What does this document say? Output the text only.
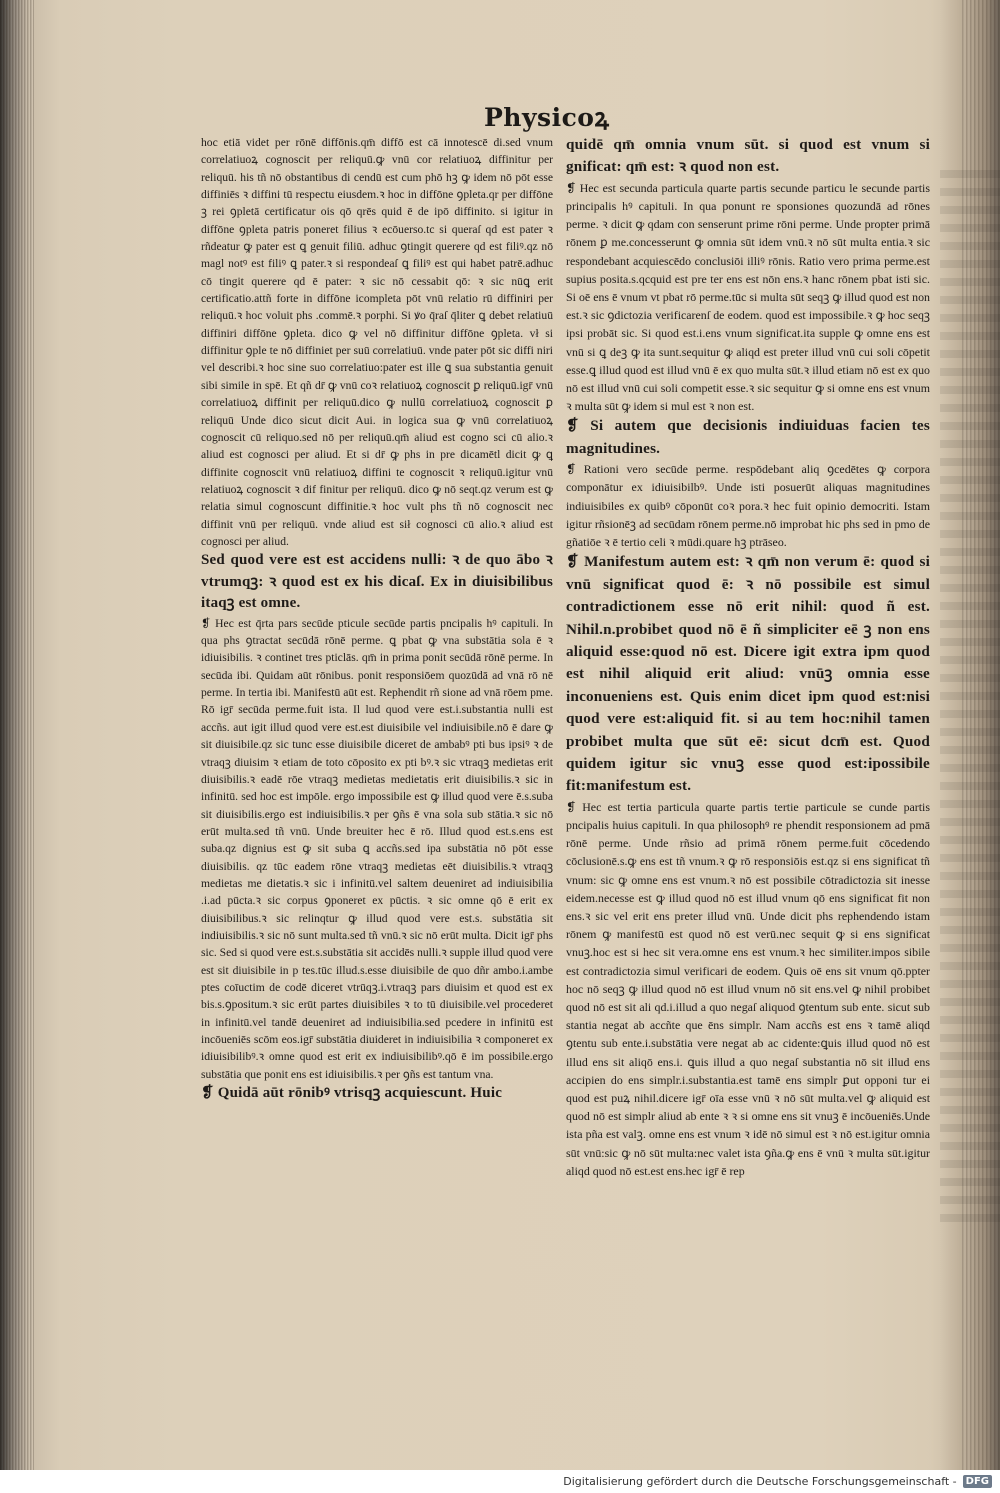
Physicoꝝ

hoc etiā videt per rōnē diffōnis.qm̄ diffō est cā innotescē di.sed vnum correlatiuoꝝ cognoscit per reliquū.ꝙ vnū cor relatiuoꝝ diffinitur per reliquū. his tñ nō obstantibus di cendū est cum phō hꝫ ꝙ idem nō pōt esse diffiniēs ꝛ diffini tū respectu eiusdem.ꝛ hoc in diffōne ꝯpleta.qr per diffōne ꝫ rei ꝯpletā certificatur ois qō qrēs quid ē de ipō diffinito. si igitur in diffōne ꝯpleta patris poneret filius ꝛ ecōuerso.tc si queraſ qd est pater ꝛ rñdeatur ꝙ pater est ꝗ genuit filiū. adhuc ꝯtingit querere qd est filiꝰ.qz nō magl notꝰ est filiꝰ ꝗ pater.ꝛ si respondeaſ ꝗ filiꝰ est qui habet patrē.adhuc cō tingit querere qd ē pater: ꝛ sic nō cessabit qō: ꝛ sic nūꝗ erit certificatio.attñ forte in diffōne icompleta pōt vnū relatio rū diffiniri per reliquū.ꝛ hoc voluit phs .commē.ꝛ porphi. Si ꝟo q̄raſ q̄liter ꝗ debet relatiuū diffiniri diffōne ꝯpleta. dico ꝙ vel nō diffinitur diffōne ꝯpleta. vł si diffinitur ꝯple te nō diffiniet per suū correlatiuū. vnde pater pōt sic diffi niri vel describi.ꝛ hoc sine suo correlatiuo:pater est ille ꝗ sua substantia genuit sibi simile in spē. Et qñ dr̄ ꝙ vnū coꝛ relatiuoꝝ cognoscit ꝑ reliquū.igr̄ vnū correlatiuoꝝ diffinit per reliquū.dico ꝙ nullū correlatiuoꝝ cognoscit ꝑ reliquū Unde dico sicut dicit Aui. in logica sua ꝙ vnū correlatiuoꝝ cognoscit cū reliquo.sed nō per reliquū.qm̄ aliud est cogno sci cū alio.ꝛ aliud est cognosci per aliud. Et si dr̄ ꝙ phs in pre dicamētl dicit ꝙ ꝗ diffinite cognoscit vnū relatiuoꝝ diffini te cognoscit ꝛ reliquū.igitur vnū relatiuoꝝ cognoscit ꝛ dif finitur per reliquū. dico ꝙ nō seqt.qz verum est ꝙ relatia simul cognoscunt diffinitie.ꝛ hoc vult phs tñ nō cognoscit nec diffinit vnū per reliquū. vnde aliud est sił cognosci cū alio.ꝛ aliud est cognosci per aliud.

Sed quod vere est est accidens nulli: ꝛ de quo ābo ꝛ vtrumqꝫ: ꝛ quod est ex his dicaſ. Ex in diuisibilibus itaqꝫ est omne.

❡ Hec est q̄rta pars secūde pticule secūde partis pncipalis hꝰ capituli. In qua phs ꝯtractat secūdā rōnē perme. ꝗ pbat ꝙ vna substātia sola ē ꝛ idiuisibilis. ꝛ continet tres pticlās. qm̄ in prima ponit secūdā rōnē perme. In secūda ibi. Quidam aūt rōnibus. ponit responsiōem quozūdā ad vnā rō nē perme. In tertia ibi. Manifestū aūt est. Rephendit rñ sione ad vnā rōem pme. Rō igr̄ secūda perme.fuit ista. Il lud quod vere est.i.substantia nulli est accñs. aut igit illud quod vere est.est diuisibile vel indiuisibile.nō ē dare ꝙ sit diuisibile.qz sic tunc esse diuisibile diceret de ambabꝰ pti bus ipsiꝰ ꝛ de vtraqꝫ diuisim ꝛ etiam de toto cōposito ex pti bꝰ.ꝛ sic vtraqꝫ medietas erit diuisibilis.ꝛ eadē rōe vtraqꝫ medietas medietatis erit diuisibilis.ꝛ sic in infinitū. sed hoc est impōle. ergo impossibile est ꝙ illud quod vere ē.s.suba sit diuisibilis.ergo est indiuisibilis.ꝛ per ꝯñs ē vna sola sub stātia.ꝛ sic nō erūt multa.sed tñ vnū. Unde breuiter hec ē rō. Illud quod est.s.ens est suba.qz dignius est ꝙ sit suba ꝗ accñs.sed ipa substātia nō pōt esse diuisibilis. qz tūc eadem rōne vtraqꝫ medietas eēt diuisibilis.ꝛ vtraqꝫ medietas me dietatis.ꝛ sic i infinitū.vel saltem deueniret ad indiuisibilia .i.ad pūcta.ꝛ sic corpus ꝯponeret ex pūctis. ꝛ sic omne qō ē erit ex diuisibilibus.ꝛ sic relinqtur ꝙ illud quod vere est.s. substātia sit indiuisibilis.ꝛ sic nō sunt multa.sed tñ vnū.ꝛ sic nō erūt multa. Dicit igr̄ phs sic. Sed si quod vere est.s.substātia sit accidēs nulli.ꝛ supple illud quod vere est sit diuisibile in p tes.tūc illud.s.esse diuisibile de quo dñr ambo.i.ambe ptes coīuctim de codē diceret vtrūqꝫ.i.vtraqꝫ pars diuisim et quod est ex bis.s.ꝯpositum.ꝛ sic erūt partes diuisibiles ꝛ to tū diuisibile.vel procederet in infinitū.vel tandē deueniret ad indiuisibilia.sed pcedere in infinitū est incōueniēs scōm eos.igr̄ substātia diuideret in indiuisibilia ꝛ componeret ex idiuisibilibꝰ.ꝛ omne quod est erit ex indiuisibilibꝰ.qō ē im possibile.ergo substātia que ponit ens est idiuisibilis.ꝛ per ꝯñs est tantum vna.

❡ Quidā aūt rōnibꝰ vtrisqꝫ acquiescunt. Huic

quidē qm̄ omnia vnum sūt. si quod est vnum si gnificat: qm̄ est: ꝛ quod non est.

❡ Hec est secunda particula quarte partis secunde particu le secunde partis principalis hꝰ capituli. In qua ponunt re sponsiones quozundā ad rōnes perme. ꝛ dicit ꝙ qdam con senserunt prime rōni perme. Unde propter primā rōnem ꝑ me.concesserunt ꝙ omnia sūt idem vnū.ꝛ nō sūt multa entia.ꝛ sic respondebant acquiescēdo conclusiōi illiꝰ rōnis. Ratio vero prima perme.est supius posita.s.qcquid est pre ter ens est nōn ens.ꝛ hanc rōnem pbat isti sic. Si oē ens ē vnum vt pbat rō perme.tūc si multa sūt seqꝫ ꝙ illud quod est non est.ꝛ sic ꝯdictozia verificarenſ de eodem. quod est impossibile.ꝛ ꝙ hoc seqꝫ ipsi probāt sic. Si quod est.i.ens vnum significat.ita supple ꝙ omne ens est vnū si ꝗ deꝫ ꝙ ita sunt.sequitur ꝙ aliqd est preter illud vnū cui soli cōpetit esse.ꝗ illud quod est illud vnū ē ex quo multa sūt.ꝛ illud etiam nō est ex quo nō est illud vnū cui soli competit esse.ꝛ sic sequitur ꝙ si omne ens est vnum ꝛ multa sūt ꝙ idem si mul est ꝛ non est.

❡ Si autem que decisionis indiuiduas facien tes magnitudines.

❡ Rationi vero secūde perme. respōdebant aliq ꝯcedētes ꝙ corpora componātur ex idiuisibilbꝰ. Unde isti posuerūt aliquas magnitudines indiuisibiles ex quibꝰ cōponūt coꝛ pora.ꝛ hec fuit opinio democriti. Istam igitur rñsionēꝫ ad secūdam rōnem perme.nō improbat hic phs sed in pmo de gñatiōe ꝛ ē tertio celi ꝛ mūdi.quare hꝫ ptrāseo.

❡ Manifestum autem est: ꝛ qm̄ non verum ē: quod si vnū significat quod ē: ꝛ nō possibile est simul contradictionem esse nō erit nihil: quod ñ est. Nihil.n.probibet quod nō ē ñ simpliciter eē ꝫ non ens aliquid esse:quod nō est. Dicere igit extra ipm quod est nihil aliquid erit aliud: vnūꝫ omnia esse inconueniens est. Quis enim dicet ipm quod est:nisi quod vere est:aliquid fit. si au tem hoc:nihil tamen probibet multa que sūt eē: sicut dcm̄ est. Quod quidem igitur sic vnuꝫ esse quod est:ipossibile fit:manifestum est.

❡ Hec est tertia particula quarte partis tertie particule se cunde partis pncipalis huius capituli. In qua philosophꝰ re phendit responsionem ad pmā rōnē perme. Unde rñsio ad primā rōnem perme.fuit cōcedendo cōclusionē.s.ꝙ ens est tñ vnum.ꝛ ꝙ rō responsiōis est.qz si ens significat tñ vnum: sic ꝙ omne ens est vnum.ꝛ nō est possibile cōtradictozia sit inesse eidem.necesse est ꝙ illud quod nō est illud vnum qō ens significat fit non ens.ꝛ sic vel erit ens preter illud vnū. Unde dicit phs rephendendo istam rōnem ꝙ manifestū est quod nō est verū.nec sequit ꝙ si ens significat vnuꝫ.hoc est si hec sit vera.omne ens est vnum.ꝛ hec similiter.impos sibile est contradictozia simul verificari de eodem. Quis oē ens sit vnum qō.ppter hoc nō seqꝫ ꝙ illud quod nō est illud vnum nō sit ens.vel ꝙ nihil probibet quod nō est sit ali qd.i.illud a quo negaſ aliquod ꝯtentum sub ente. sicut sub stantia negat ab accñte que ēns simplr. Nam accñs est ens ꝛ tamē aliqd ꝯtentu sub ente.i.substātia vere negat ab ac cidente:ꝗuis illud quod nō est illud ens sit aliqō ens.i. ꝗuis illud a quo negaſ substantia nō sit illud ens accipien do ens simplr.i.substantia.est tamē ens simplr ꝑut opponi tur ei quod est puꝝ nihil.dicere igr̄ oīa esse vnū ꝛ nō sūt multa.vel ꝙ aliquid est quod nō est simplr aliud ab ente ꝛ ꝛ si omne ens sit vnuꝫ ē incōueniēs.Unde ista pña est valꝫ. omne ens est vnum ꝛ idē nō simul est ꝛ nō est.igitur omnia sūt vnū:sic ꝙ nō sūt multa:nec valet ista ꝯña.ꝙ ens ē vnū ꝛ multa sūt.igitur aliqd quod nō est.est ens.hec igr̄ ē rep

Digitalisierung gefördert durch die Deutsche Forschungsgemeinschaft - DFG
